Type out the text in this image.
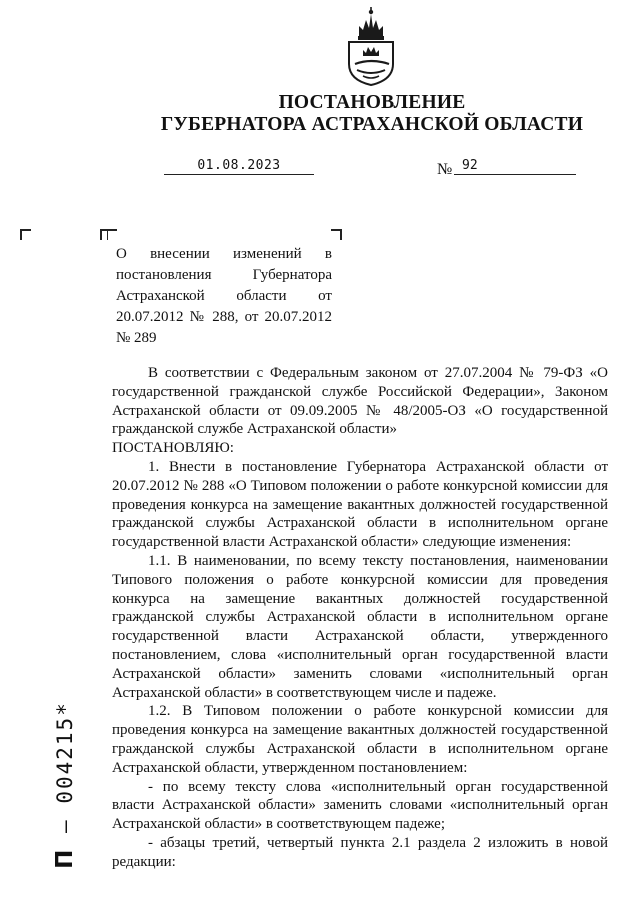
ПОСТАНОВЛЕНИЕ
ГУБЕРНАТОРА АСТРАХАНСКОЙ ОБЛАСТИ
01.08.2023	№ 92

О внесении изменений в постановления Губернатора Астраханской области от 20.07.2012 № 288, от 20.07.2012 № 289

В соответствии с Федеральным законом от 27.07.2004 № 79-ФЗ «О государственной гражданской службе Российской Федерации», Законом Астраханской области от 09.09.2005 № 48/2005-ОЗ «О государственной гражданской службе Астраханской области»

ПОСТАНОВЛЯЮ:

1. Внести в постановление Губернатора Астраханской области от 20.07.2012 № 288 «О Типовом положении о работе конкурсной комиссии для проведения конкурса на замещение вакантных должностей государственной гражданской службы Астраханской области в исполнительном органе государственной власти Астраханской области» следующие изменения:

1.1. В наименовании, по всему тексту постановления, наименовании Типового положения о работе конкурсной комиссии для проведения конкурса на замещение вакантных должностей государственной гражданской службы Астраханской области в исполнительном органе государственной власти Астраханской области, утвержденного постановлением, слова «исполнительный орган государственной власти Астраханской области» заменить словами «исполнительный орган Астраханской области» в соответствующем числе и падеже.

1.2. В Типовом положении о работе конкурсной комиссии для проведения конкурса на замещение вакантных должностей государственной гражданской службы Астраханской области в исполнительном органе Астраханской области, утвержденном постановлением:

- по всему тексту слова «исполнительный орган государственной власти Астраханской области» заменить словами «исполнительный орган Астраханской области» в соответствующем падеже;

- абзацы третий, четвертый пункта 2.1 раздела 2 изложить в новой редакции:

П – 004215*
